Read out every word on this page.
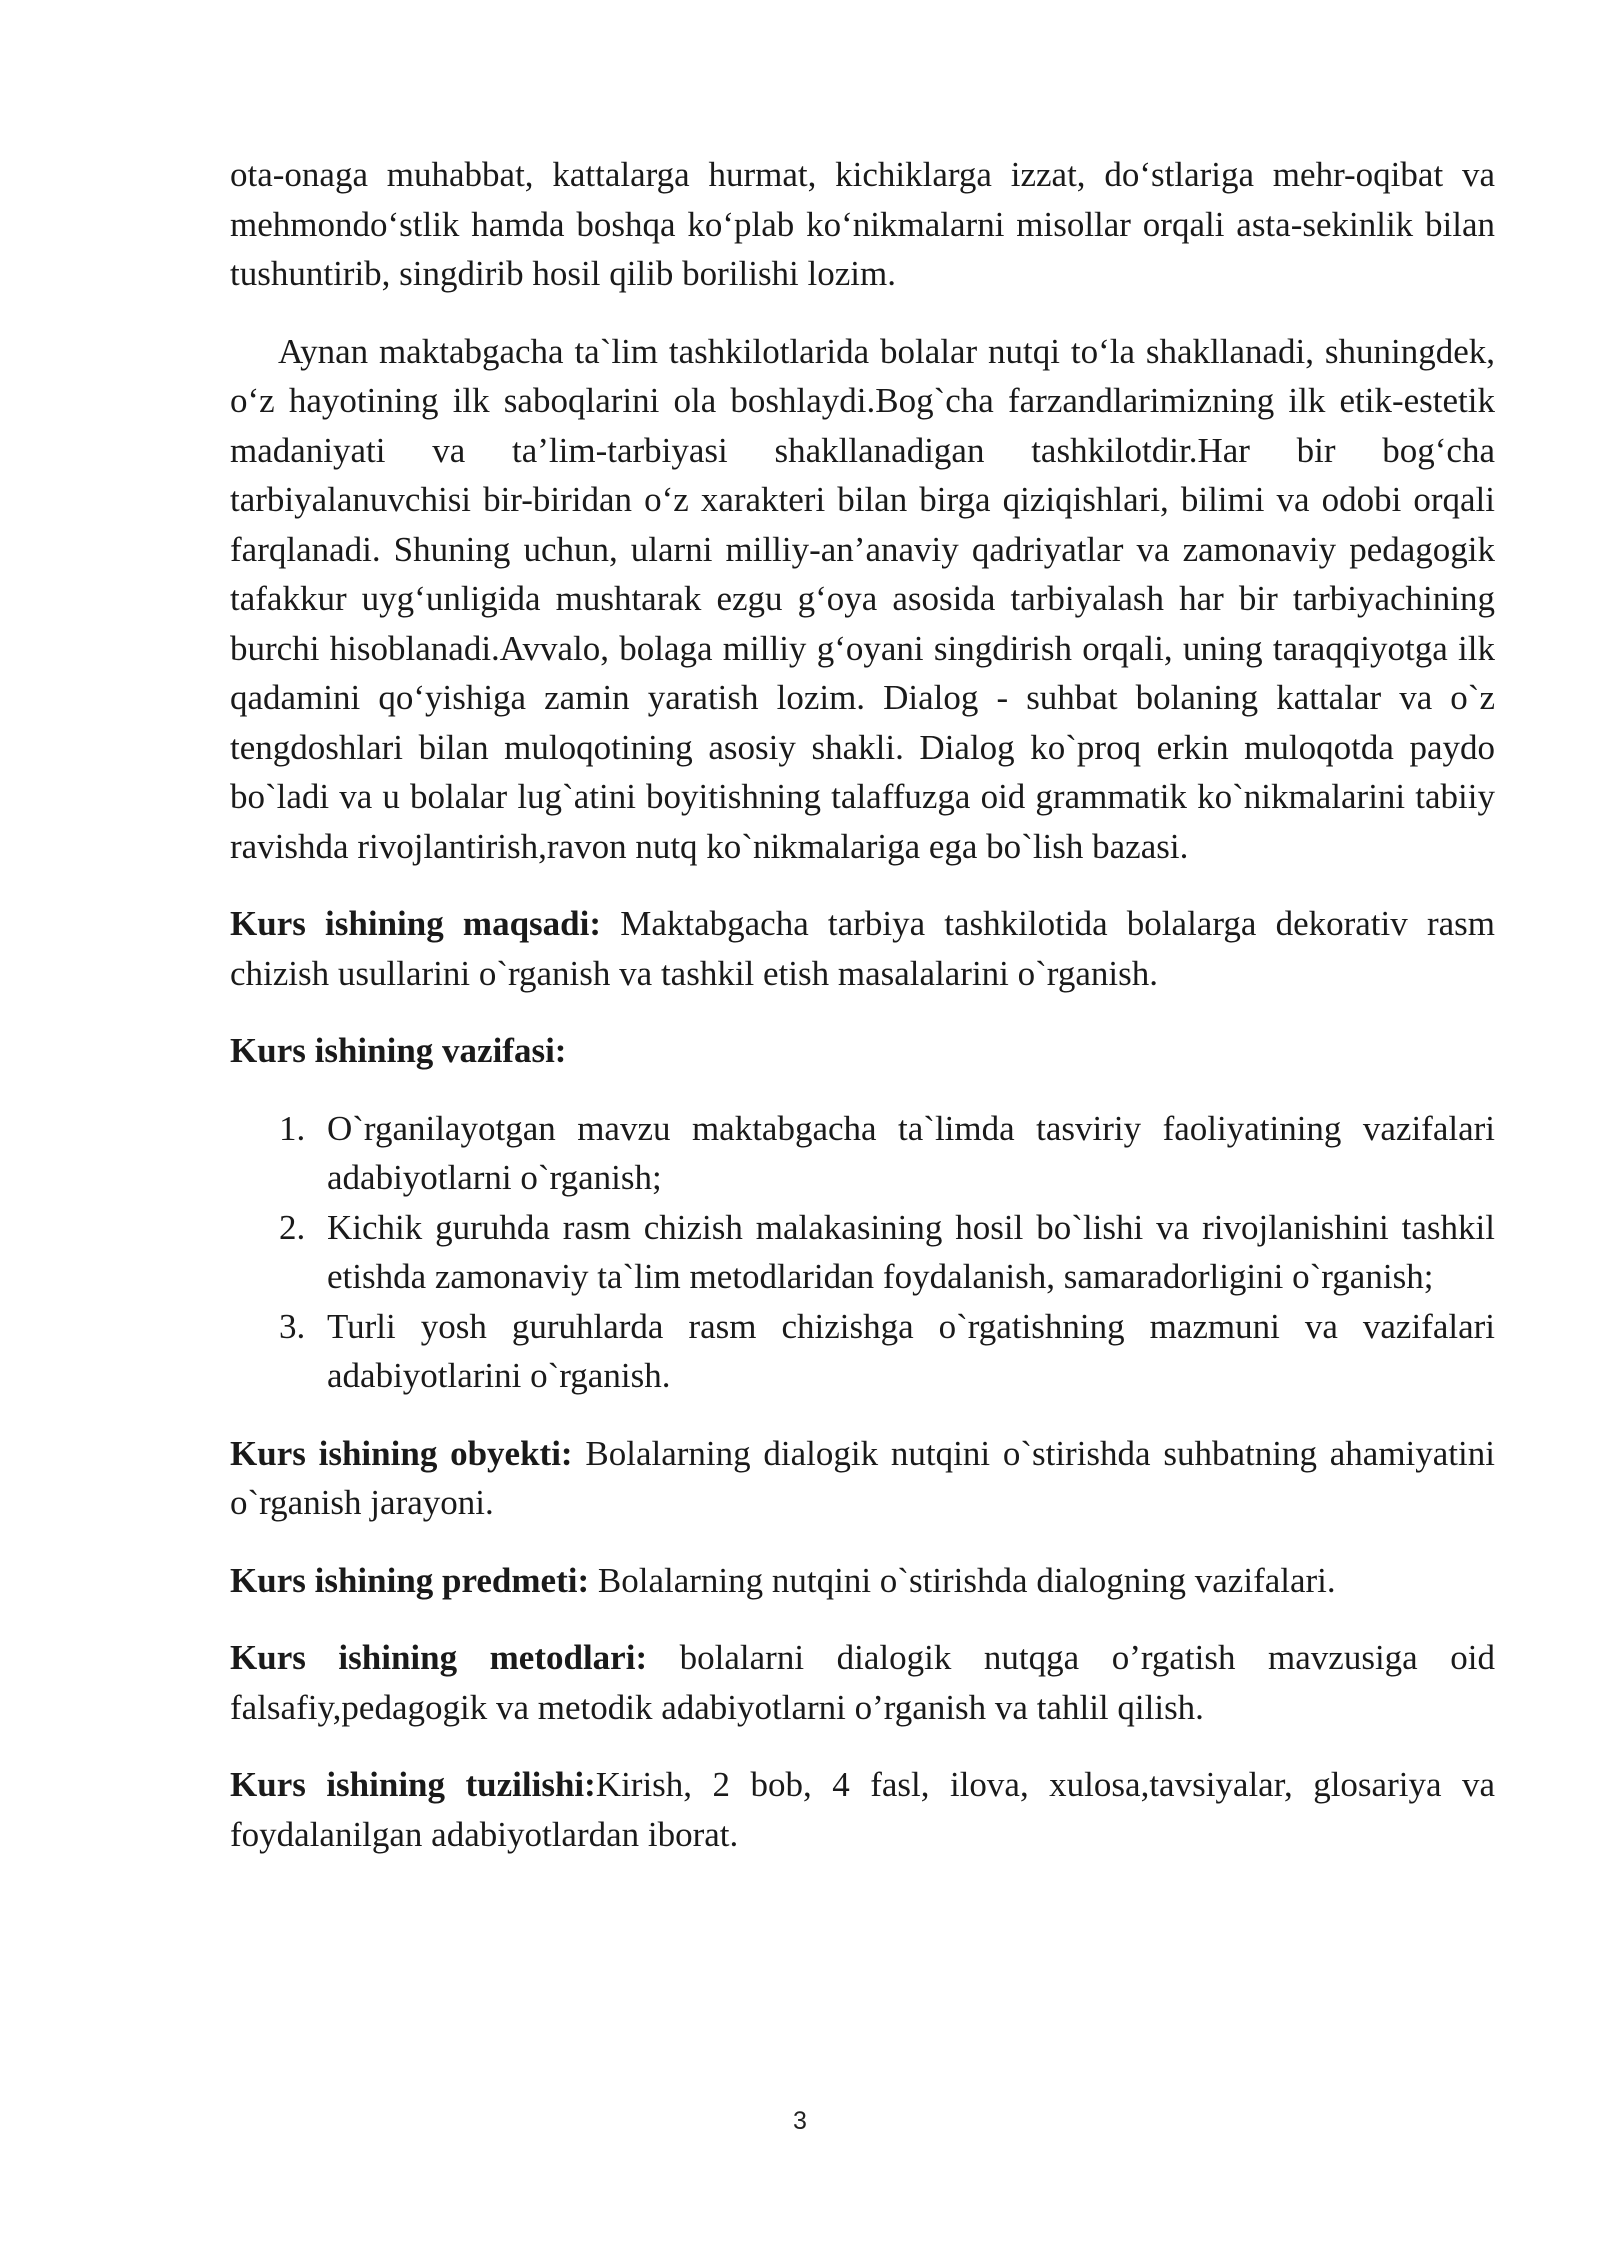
ota-onaga muhabbat, kattalarga hurmat, kichiklarga izzat, do‘stlariga mehr-oqibat va mehmondo‘stlik hamda boshqa ko‘plab ko‘nikmalarni misollar orqali asta-sekinlik bilan tushuntirib, singdirib hosil qilib borilishi lozim.

Aynan maktabgacha ta`lim tashkilotlarida bolalar nutqi to‘la shakllanadi, shuningdek, o‘z hayotining ilk saboqlarini ola boshlaydi.Bog`cha farzandlarimizning ilk etik-estetik madaniyati va ta’lim-tarbiyasi shakllanadigan tashkilotdir.Har bir bog‘cha tarbiyalanuvchisi bir-biridan o‘z xarakteri bilan birga qiziqishlari, bilimi va odobi orqali farqlanadi. Shuning uchun, ularni milliy-an’anaviy qadriyatlar va zamonaviy pedagogik tafakkur uyg‘unligida mushtarak ezgu g‘oya asosida tarbiyalash har bir tarbiyachining burchi hisoblanadi.Avvalo, bolaga milliy g‘oyani singdirish orqali, uning taraqqiyotga ilk qadamini qo‘yishiga zamin yaratish lozim. Dialog - suhbat bolaning kattalar va o`z tengdoshlari bilan muloqotining asosiy shakli. Dialog ko`proq erkin muloqotda paydo bo`ladi va u bolalar lug`atini boyitishning talaffuzga oid grammatik ko`nikmalarini tabiiy ravishda rivojlantirish,ravon nutq ko`nikmalariga ega bo`lish bazasi.

Kurs ishining maqsadi: Maktabgacha tarbiya tashkilotida bolalarga dekorativ rasm chizish usullarini o`rganish va tashkil etish masalalarini o`rganish.

Kurs ishining vazifasi:

1. O`rganilayotgan mavzu maktabgacha ta`limda tasviriy faoliyatining vazifalari adabiyotlarni o`rganish;
2. Kichik guruhda rasm chizish malakasining hosil bo`lishi va rivojlanishini tashkil etishda zamonaviy ta`lim metodlaridan foydalanish, samaradorligini o`rganish;
3. Turli yosh guruhlarda rasm chizishga o`rgatishning mazmuni va vazifalari adabiyotlarini o`rganish.

Kurs ishining obyekti: Bolalarning dialogik nutqini o`stirishda suhbatning ahamiyatini o`rganish jarayoni.

Kurs ishining predmeti: Bolalarning nutqini o`stirishda dialogning vazifalari.

Kurs ishining metodlari: bolalarni dialogik nutqga o’rgatish mavzusiga oid falsafiy,pedagogik va metodik adabiyotlarni o’rganish va tahlil qilish.

Kurs ishining tuzilishi:Kirish, 2 bob, 4 fasl, ilova, xulosa,tavsiyalar, glosariya va foydalanilgan adabiyotlardan iborat.

3
